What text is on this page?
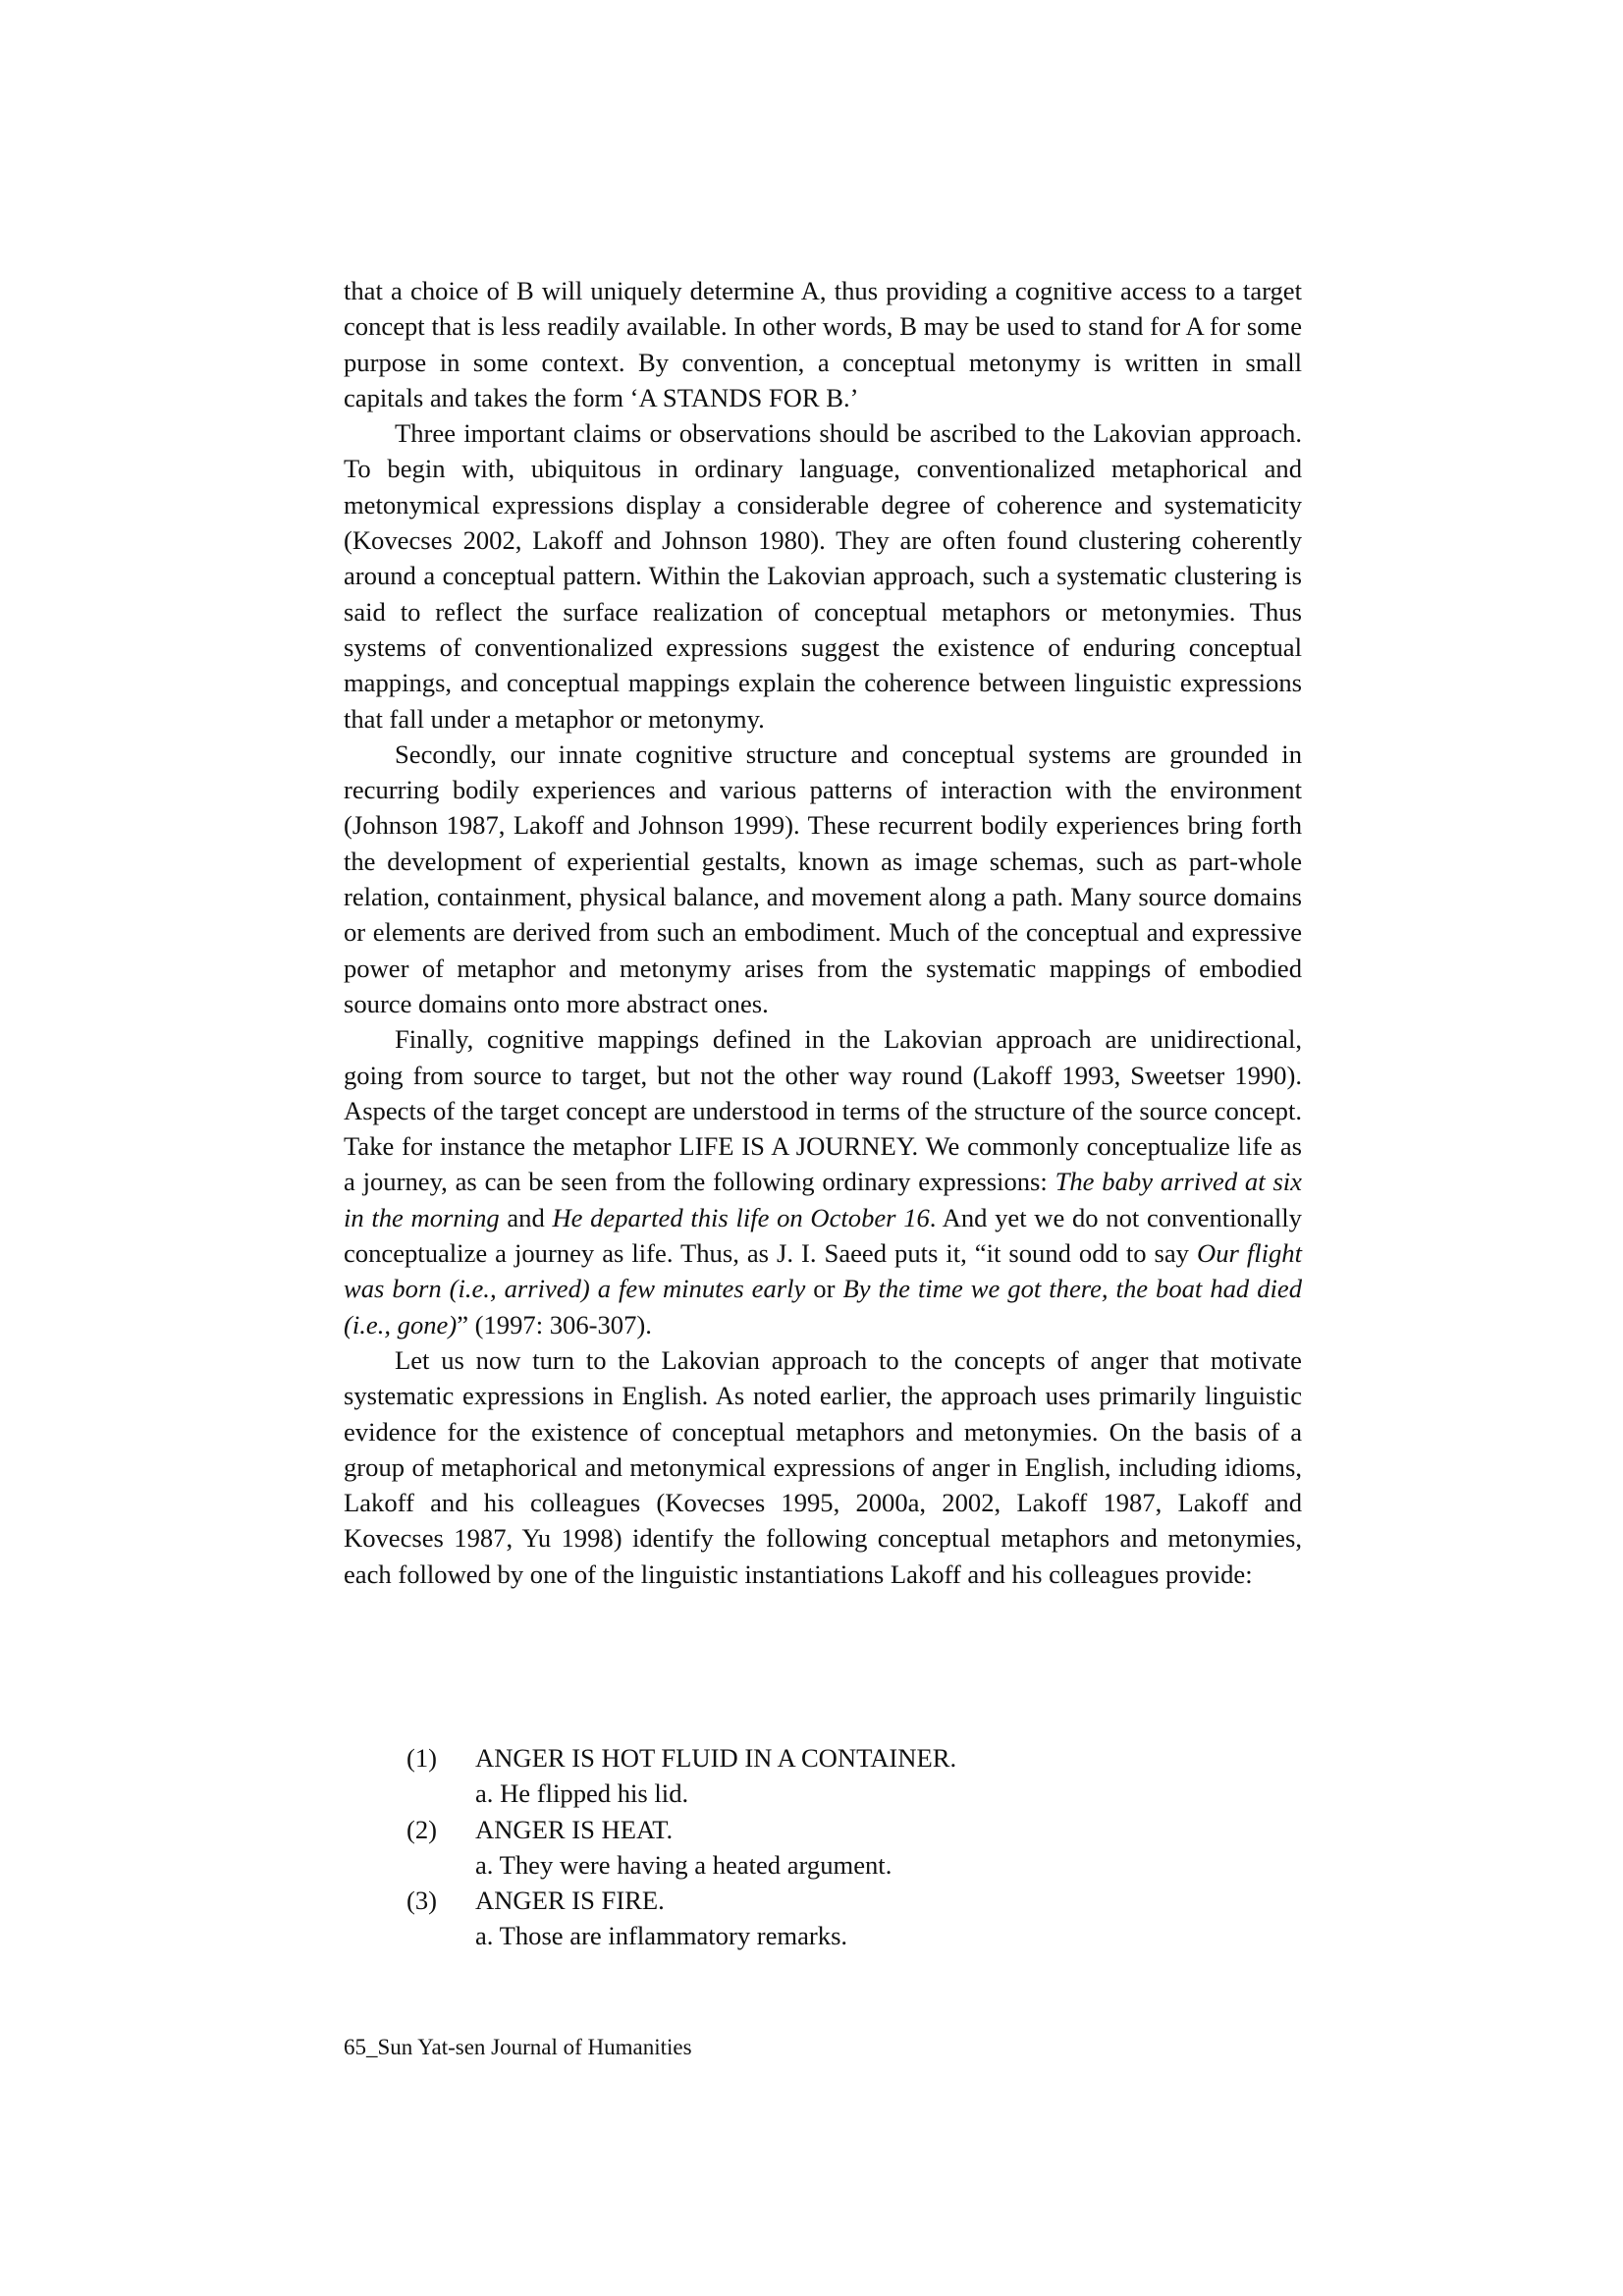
that a choice of B will uniquely determine A, thus providing a cognitive access to a target concept that is less readily available. In other words, B may be used to stand for A for some purpose in some context. By convention, a conceptual metonymy is written in small capitals and takes the form ‘A STANDS FOR B.’

Three important claims or observations should be ascribed to the Lakovian approach. To begin with, ubiquitous in ordinary language, conventionalized metaphorical and metonymical expressions display a considerable degree of coherence and systematicity (Kovecses 2002, Lakoff and Johnson 1980). They are often found clustering coherently around a conceptual pattern. Within the Lakovian approach, such a systematic clustering is said to reflect the surface realization of conceptual metaphors or metonymies. Thus systems of conventionalized expressions suggest the existence of enduring conceptual mappings, and conceptual mappings explain the coherence between linguistic expressions that fall under a metaphor or metonymy.

Secondly, our innate cognitive structure and conceptual systems are grounded in recurring bodily experiences and various patterns of interaction with the environment (Johnson 1987, Lakoff and Johnson 1999). These recurrent bodily experiences bring forth the development of experiential gestalts, known as image schemas, such as part-whole relation, containment, physical balance, and movement along a path. Many source domains or elements are derived from such an embodiment. Much of the conceptual and expressive power of metaphor and metonymy arises from the systematic mappings of embodied source domains onto more abstract ones.

Finally, cognitive mappings defined in the Lakovian approach are unidirectional, going from source to target, but not the other way round (Lakoff 1993, Sweetser 1990). Aspects of the target concept are understood in terms of the structure of the source concept. Take for instance the metaphor LIFE IS A JOURNEY. We commonly conceptualize life as a journey, as can be seen from the following ordinary expressions: The baby arrived at six in the morning and He departed this life on October 16. And yet we do not conventionally conceptualize a journey as life. Thus, as J. I. Saeed puts it, “it sound odd to say Our flight was born (i.e., arrived) a few minutes early or By the time we got there, the boat had died (i.e., gone)” (1997: 306-307).

Let us now turn to the Lakovian approach to the concepts of anger that motivate systematic expressions in English. As noted earlier, the approach uses primarily linguistic evidence for the existence of conceptual metaphors and metonymies. On the basis of a group of metaphorical and metonymical expressions of anger in English, including idioms, Lakoff and his colleagues (Kovecses 1995, 2000a, 2002, Lakoff 1987, Lakoff and Kovecses 1987, Yu 1998) identify the following conceptual metaphors and metonymies, each followed by one of the linguistic instantiations Lakoff and his colleagues provide:

(1)	ANGER IS HOT FLUID IN A CONTAINER.
a. He flipped his lid.
(2)	ANGER IS HEAT.
a. They were having a heated argument.
(3)	ANGER IS FIRE.
a. Those are inflammatory remarks.
65_Sun Yat-sen Journal of Humanities
